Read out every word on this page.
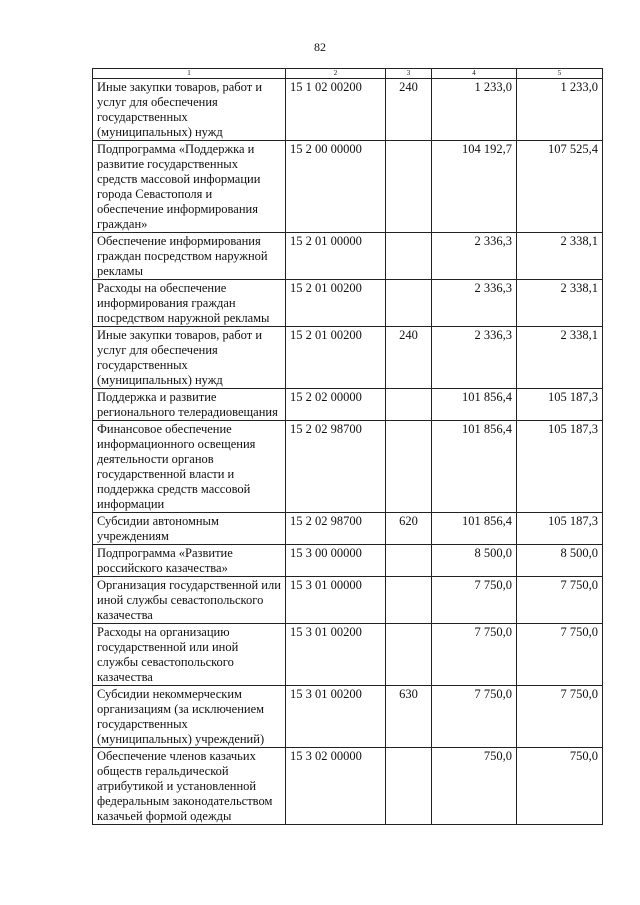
82
1	2	3	4	5
Иные закупки товаров, работ и услуг для обеспечения государственных (муниципальных) нужд	15 1 02 00200	240	1 233,0	1 233,0
Подпрограмма «Поддержка и развитие государственных средств массовой информации города Севастополя и обеспечение информирования граждан»	15 2 00 00000		104 192,7	107 525,4
Обеспечение информирования граждан посредством наружной рекламы	15 2 01 00000		2 336,3	2 338,1
Расходы на обеспечение информирования граждан посредством наружной рекламы	15 2 01 00200		2 336,3	2 338,1
Иные закупки товаров, работ и услуг для обеспечения государственных (муниципальных) нужд	15 2 01 00200	240	2 336,3	2 338,1
Поддержка и развитие регионального телерадиовещания	15 2 02 00000		101 856,4	105 187,3
Финансовое обеспечение информационного освещения деятельности органов государственной власти и поддержка средств массовой информации	15 2 02 98700		101 856,4	105 187,3
Субсидии автономным учреждениям	15 2 02 98700	620	101 856,4	105 187,3
Подпрограмма «Развитие российского казачества»	15 3 00 00000		8 500,0	8 500,0
Организация государственной или иной службы севастопольского казачества	15 3 01 00000		7 750,0	7 750,0
Расходы на организацию государственной или иной службы севастопольского казачества	15 3 01 00200		7 750,0	7 750,0
Субсидии некоммерческим организациям (за исключением государственных (муниципальных) учреждений)	15 3 01 00200	630	7 750,0	7 750,0
Обеспечение членов казачьих обществ геральдической атрибутикой и установленной федеральным законодательством казачьей формой одежды	15 3 02 00000		750,0	750,0
